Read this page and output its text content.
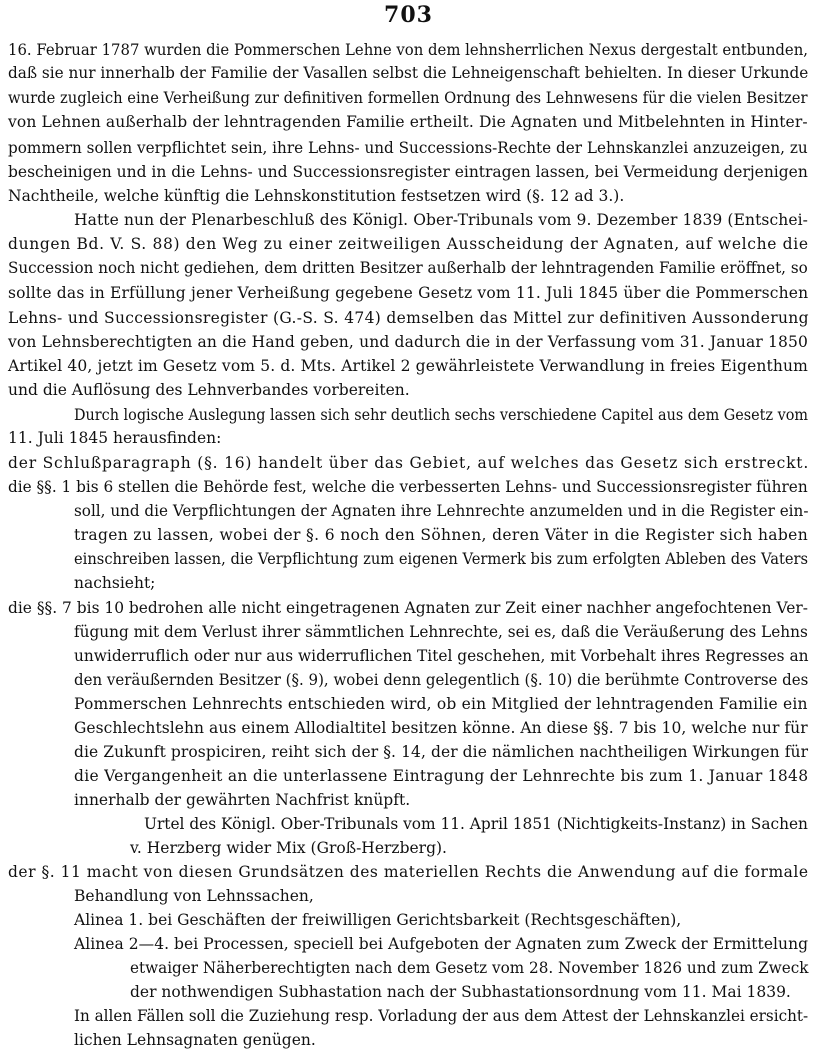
703
16. Februar 1787 wurden die Pommerschen Lehne von dem lehnsherrlichen Nexus dergestalt entbunden,
daß sie nur innerhalb der Familie der Vasallen selbst die Lehneigenschaft behielten. In dieser Urkunde
wurde zugleich eine Verheißung zur definitiven formellen Ordnung des Lehnwesens für die vielen Besitzer
von Lehnen außerhalb der lehntragenden Familie ertheilt. Die Agnaten und Mitbelehnten in Hinter-
pommern sollen verpflichtet sein, ihre Lehns- und Successions-Rechte der Lehnskanzlei anzuzeigen, zu
bescheinigen und in die Lehns- und Successionsregister eintragen lassen, bei Vermeidung derjenigen
Nachtheile, welche künftig die Lehnskonstitution festsetzen wird (§. 12 ad 3.).
Hatte nun der Plenarbeschluß des Königl. Ober-Tribunals vom 9. Dezember 1839 (Entschei-
dungen Bd. V. S. 88) den Weg zu einer zeitweiligen Ausscheidung der Agnaten, auf welche die
Succession noch nicht gediehen, dem dritten Besitzer außerhalb der lehntragenden Familie eröffnet, so
sollte das in Erfüllung jener Verheißung gegebene Gesetz vom 11. Juli 1845 über die Pommerschen
Lehns- und Successionsregister (G.-S. S. 474) demselben das Mittel zur definitiven Aussonderung
von Lehnsberechtigten an die Hand geben, und dadurch die in der Verfassung vom 31. Januar 1850
Artikel 40, jetzt im Gesetz vom 5. d. Mts. Artikel 2 gewährleistete Verwandlung in freies Eigenthum
und die Auflösung des Lehnverbandes vorbereiten.
Durch logische Auslegung lassen sich sehr deutlich sechs verschiedene Capitel aus dem Gesetz vom
11. Juli 1845 herausfinden:
der Schlußparagraph (§. 16) handelt über das Gebiet, auf welches das Gesetz sich erstreckt.
die §§. 1 bis 6 stellen die Behörde fest, welche die verbesserten Lehns- und Successionsregister führen
soll, und die Verpflichtungen der Agnaten ihre Lehnrechte anzumelden und in die Register ein-
tragen zu lassen, wobei der §. 6 noch den Söhnen, deren Väter in die Register sich haben
einschreiben lassen, die Verpflichtung zum eigenen Vermerk bis zum erfolgten Ableben des Vaters
nachsieht;
die §§. 7 bis 10 bedrohen alle nicht eingetragenen Agnaten zur Zeit einer nachher angefochtenen Ver-
fügung mit dem Verlust ihrer sämmtlichen Lehnrechte, sei es, daß die Veräußerung des Lehns
unwiderruflich oder nur aus widerruflichen Titel geschehen, mit Vorbehalt ihres Regresses an
den veräußernden Besitzer (§. 9), wobei denn gelegentlich (§. 10) die berühmte Controverse des
Pommerschen Lehnrechts entschieden wird, ob ein Mitglied der lehntragenden Familie ein
Geschlechtslehn aus einem Allodialtitel besitzen könne. An diese §§. 7 bis 10, welche nur für
die Zukunft prospiciren, reiht sich der §. 14, der die nämlichen nachtheiligen Wirkungen für
die Vergangenheit an die unterlassene Eintragung der Lehnrechte bis zum 1. Januar 1848
innerhalb der gewährten Nachfrist knüpft.
Urtel des Königl. Ober-Tribunals vom 11. April 1851 (Nichtigkeits-Instanz) in Sachen
v. Herzberg wider Mix (Groß-Herzberg).
der §. 11 macht von diesen Grundsätzen des materiellen Rechts die Anwendung auf die formale
Behandlung von Lehnssachen,
Alinea 1. bei Geschäften der freiwilligen Gerichtsbarkeit (Rechtsgeschäften),
Alinea 2—4. bei Processen, speciell bei Aufgeboten der Agnaten zum Zweck der Ermittelung
etwaiger Näherberechtigten nach dem Gesetz vom 28. November 1826 und zum Zweck
der nothwendigen Subhastation nach der Subhastationsordnung vom 11. Mai 1839.
In allen Fällen soll die Zuziehung resp. Vorladung der aus dem Attest der Lehnskanzlei ersicht-
lichen Lehnsagnaten genügen.
